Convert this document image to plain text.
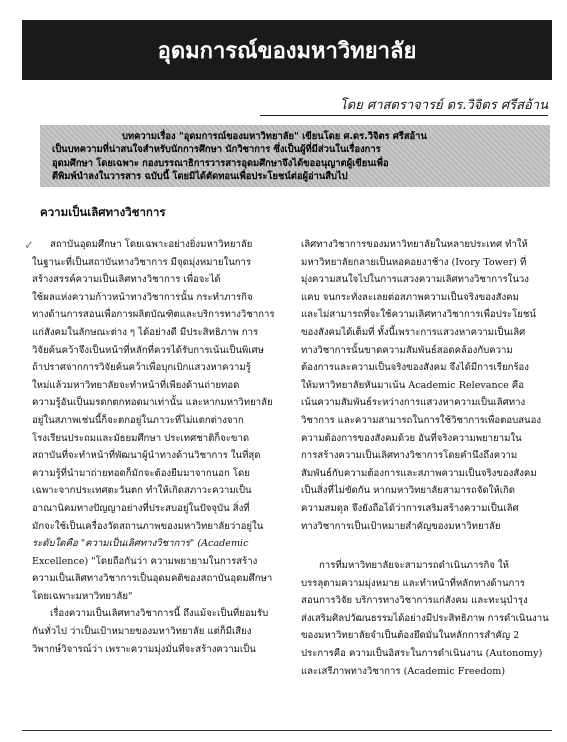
อุดมการณ์ของมหาวิทยาลัย
โดย ศาสตราจารย์ ดร.วิจิตร ศรีสอ้าน
บทความเรื่อง "อุดมการณ์ของมหาวิทยาลัย" เขียนโดย ศ.ดร.วิจิตร ศรีสอ้าน
เป็นบทความที่น่าสนใจสำหรับนักการศึกษา นักวิชาการ ซึ่งเป็นผู้ที่มีส่วนในเรื่องการ
อุดมศึกษา โดยเฉพาะ กองบรรณาธิการวารสารอุดมศึกษาจึงได้ขออนุญาตผู้เขียนเพื่อ
ตีพิมพ์นำลงในวารสาร ฉบับนี้ โดยมิได้ตัดทอนเพื่อประโยชน์ต่อผู้อ่านสืบไป
ความเป็นเลิศทางวิชาการ
✓	สถาบันอุดมศึกษา โดยเฉพาะอย่างยิ่งมหาวิทยาลัย
ในฐานะที่เป็นสถาบันทางวิชาการ มีจุดมุ่งหมายในการ
สร้างสรรค์ความเป็นเลิศทางวิชาการ เพื่อจะได้
ใช้ผลแห่งความก้าวหน้าทางวิชาการนั้น กระทำภารกิจ
ทางด้านการสอนเพื่อการผลิตบัณฑิตและบริการทางวิชาการ
แก่สังคมในลักษณะต่าง ๆ ได้อย่างดี มีประสิทธิภาพ การ
วิจัยค้นคว้าจึงเป็นหน้าที่หลักที่ควรได้รับการเน้นเป็นพิเศษ
ถ้าปราศจากการวิจัยค้นคว้าเพื่อบุกเบิกแสวงหาความรู้
ใหม่แล้วมหาวิทยาลัยจะทำหน้าที่เพียงด้านถ่ายทอด
ความรู้อันเป็นมรดกตกทอดมาเท่านั้น และหากมหาวิทยาลัย
อยู่ในสภาพเช่นนี้ก็จะตกอยู่ในภาวะที่ไม่แตกต่างจาก
โรงเรียนประถมและมัธยมศึกษา ประเทศชาติก็จะขาด
สถาบันที่จะทำหน้าที่พัฒนาผู้นำทางด้านวิชาการ ในที่สุด
ความรู้ที่นำมาถ่ายทอดก็มักจะต้องยืมมาจากนอก โดย
เฉพาะจากประเทศตะวันตก ทำให้เกิดสภาวะความเป็น
อาณานิคมทางปัญญาอย่างที่ประสบอยู่ในปัจจุบัน สิ่งที่
มักจะใช้เป็นเครื่องวัดสถานภาพของมหาวิทยาลัยว่าอยู่ใน
ระดับใดคือ "ความเป็นเลิศทางวิชาการ" (Academic
Excellence) "โดยถือกันว่า ความพยายามในการสร้าง
ความเป็นเลิศทางวิชาการเป็นอุดมคติของสถาบันอุดมศึกษา
โดยเฉพาะมหาวิทยาลัย"
เรื่องความเป็นเลิศทางวิชาการนี้ ถึงแม้จะเป็นที่ยอมรับ
กันทั่วไป ว่าเป็นเป้าหมายของมหาวิทยาลัย แต่ก็มีเสียง
วิพากษ์วิจารณ์ว่า เพราะความมุ่งมั่นที่จะสร้างความเป็น
เลิศทางวิชาการของมหาวิทยาลัยในหลายประเทศ ทำให้
มหาวิทยาลัยกลายเป็นหอคอยงาช้าง (Ivory Tower) ที่
มุ่งความสนใจไปในการแสวงความเลิศทางวิชาการในวง
แคบ จนกระทั่งละเลยต่อสภาพความเป็นจริงของสังคม
และไม่สามารถที่จะใช้ความเลิศทางวิชาการเพื่อประโยชน์
ของสังคมได้เต็มที่ ทั้งนี้เพราะการแสวงหาความเป็นเลิศ
ทางวิชาการนั้นขาดความสัมพันธ์สอดคล้องกับความ
ต้องการและความเป็นจริงของสังคม จึงได้มีการเรียกร้อง
ให้มหาวิทยาลัยหันมาเน้น Academic Relevance คือ
เน้นความสัมพันธ์ระหว่างการแสวงหาความเป็นเลิศทาง
วิชาการ และความสามารถในการใช้วิชาการเพื่อตอบสนอง
ความต้องการของสังคมด้วย อันที่จริงความพยายามใน
การสร้างความเป็นเลิศทางวิชาการโดยคำนึงถึงความ
สัมพันธ์กับความต้องการและสภาพความเป็นจริงของสังคม
เป็นสิ่งที่ไม่ขัดกัน หากมหาวิทยาลัยสามารถจัดให้เกิด
ความสมดุล จึงยังถือได้ว่าการเสริมสร้างความเป็นเลิศ
ทางวิชาการเป็นเป้าหมายสำคัญของมหาวิทยาลัย
การที่มหาวิทยาลัยจะสามารถดำเนินภารกิจ ให้
บรรลุตามความมุ่งหมาย และทำหน้าที่หลักทางด้านการ
สอนการวิจัย บริการทางวิชาการแก่สังคม และทะนุบำรุง
ส่งเสริมศิลปวัฒนธรรมได้อย่างมีประสิทธิภาพ การดำเนินงาน
ของมหาวิทยาลัยจำเป็นต้องยึดมั่นในหลักการสำคัญ 2
ประการคือ ความเป็นอิสระในการดำเนินงาน (Autonomy)
และเสรีภาพทางวิชาการ (Academic Freedom)
